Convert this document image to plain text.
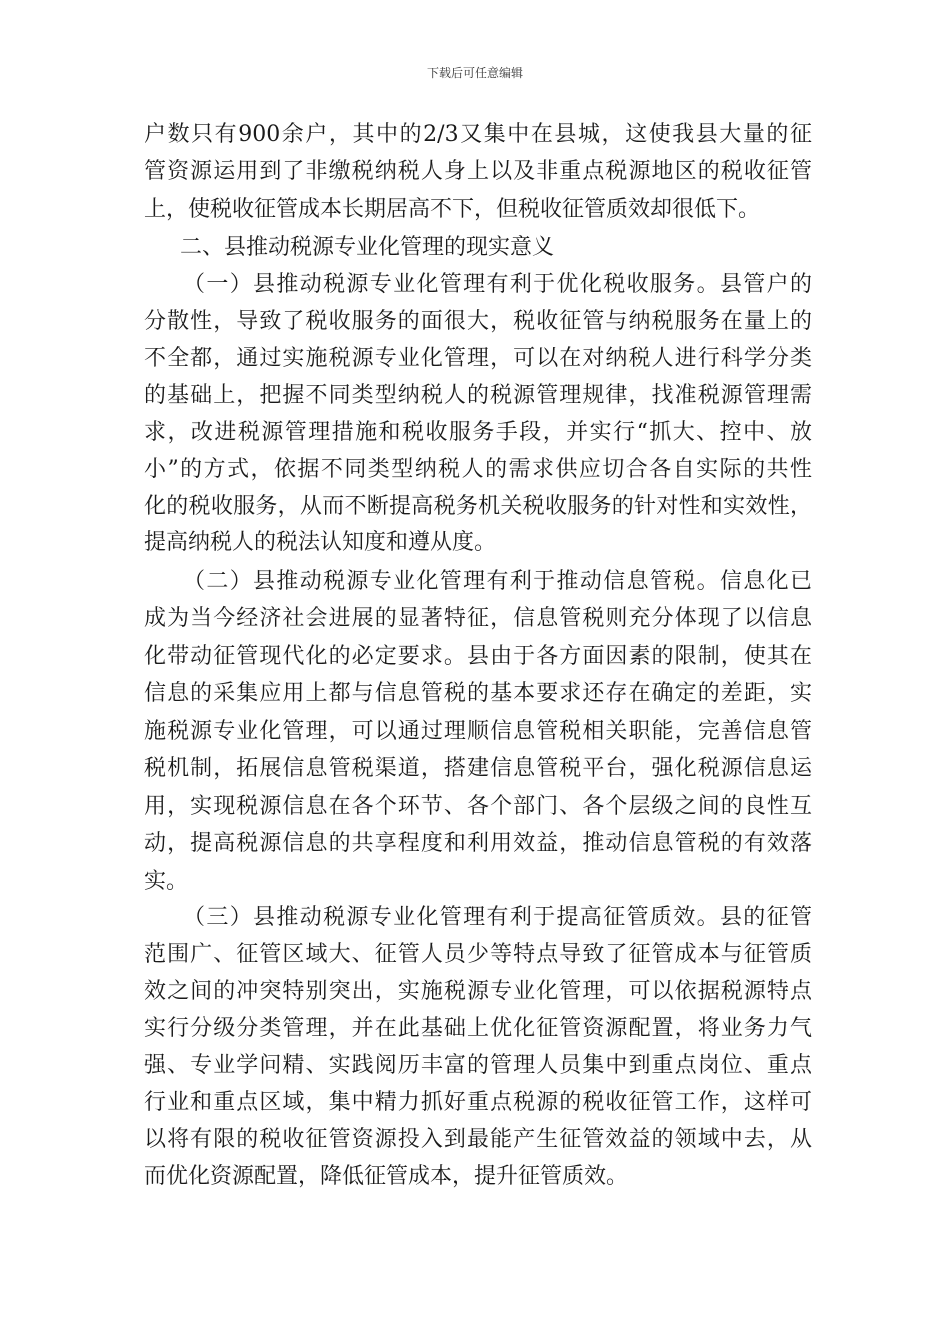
下载后可任意编辑
户数只有900余户，其中的2/3又集中在县城，这使我县大量的征
管资源运用到了非缴税纳税人身上以及非重点税源地区的税收征管
上，使税收征管成本长期居高不下，但税收征管质效却很低下。
二、县推动税源专业化管理的现实意义
（一）县推动税源专业化管理有利于优化税收服务。县管户的
分散性，导致了税收服务的面很大，税收征管与纳税服务在量上的
不全都，通过实施税源专业化管理，可以在对纳税人进行科学分类
的基础上，把握不同类型纳税人的税源管理规律，找准税源管理需
求，改进税源管理措施和税收服务手段，并实行“抓大、控中、放
小”的方式，依据不同类型纳税人的需求供应切合各自实际的共性
化的税收服务，从而不断提高税务机关税收服务的针对性和实效性，
提高纳税人的税法认知度和遵从度。
（二）县推动税源专业化管理有利于推动信息管税。信息化已
成为当今经济社会进展的显著特征，信息管税则充分体现了以信息
化带动征管现代化的必定要求。县由于各方面因素的限制，使其在
信息的采集应用上都与信息管税的基本要求还存在确定的差距，实
施税源专业化管理，可以通过理顺信息管税相关职能，完善信息管
税机制，拓展信息管税渠道，搭建信息管税平台，强化税源信息运
用，实现税源信息在各个环节、各个部门、各个层级之间的良性互
动，提高税源信息的共享程度和利用效益，推动信息管税的有效落
实。
（三）县推动税源专业化管理有利于提高征管质效。县的征管
范围广、征管区域大、征管人员少等特点导致了征管成本与征管质
效之间的冲突特别突出，实施税源专业化管理，可以依据税源特点
实行分级分类管理，并在此基础上优化征管资源配置，将业务力气
强、专业学问精、实践阅历丰富的管理人员集中到重点岗位、重点
行业和重点区域，集中精力抓好重点税源的税收征管工作，这样可
以将有限的税收征管资源投入到最能产生征管效益的领域中去，从
而优化资源配置，降低征管成本，提升征管质效。
